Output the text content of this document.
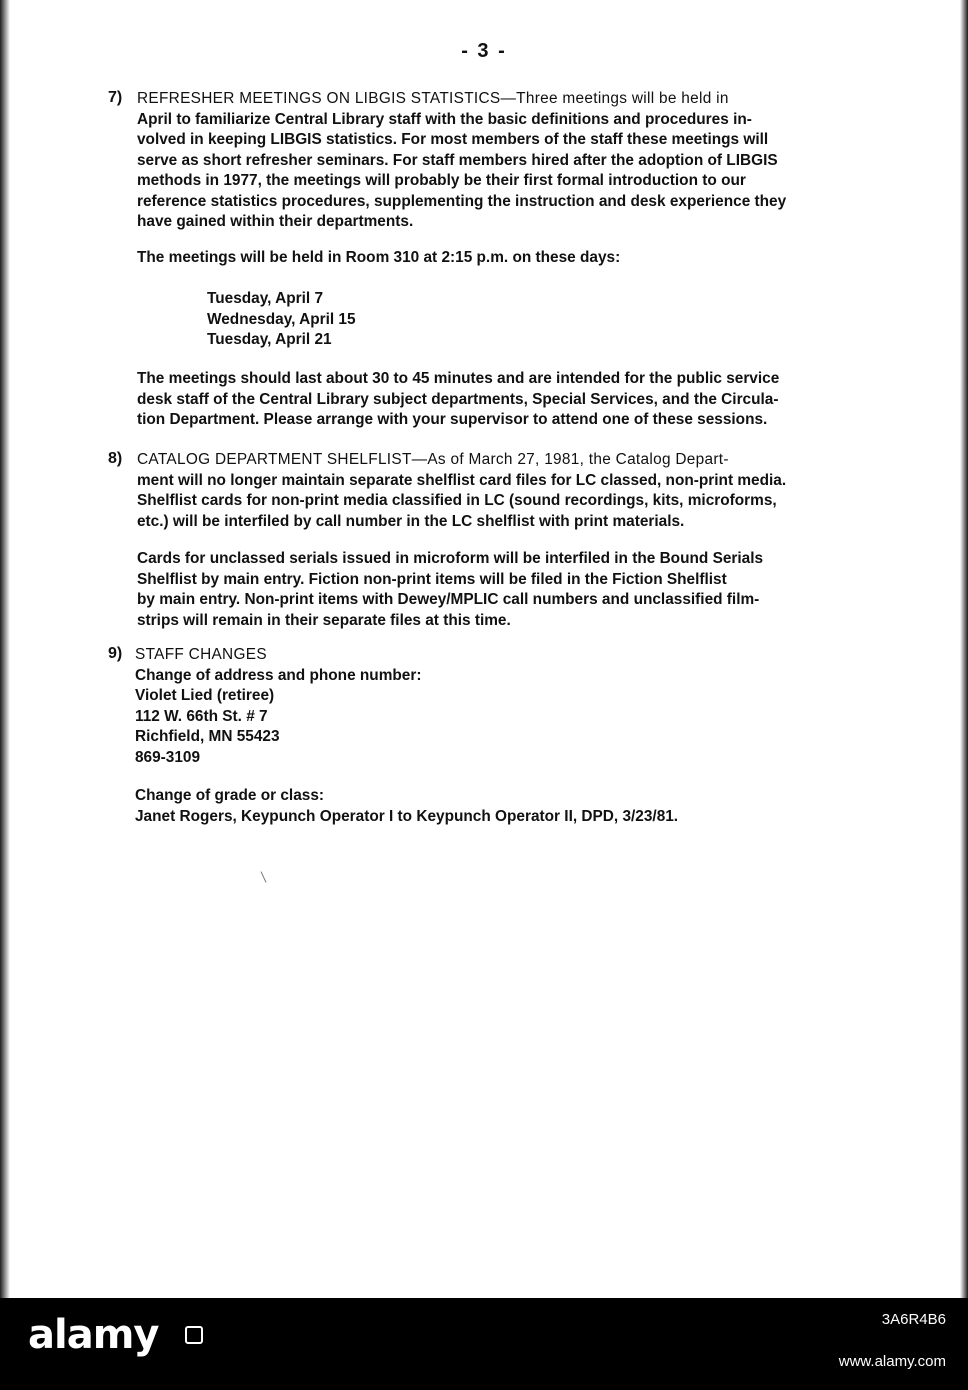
- 3 -
7) REFRESHER MEETINGS ON LIBGIS STATISTICS—Three meetings will be held in
April to familiarize Central Library staff with the basic definitions and procedures in-
volved in keeping LIBGIS statistics. For most members of the staff these meetings will
serve as short refresher seminars. For staff members hired after the adoption of LIBGIS
methods in 1977, the meetings will probably be their first formal introduction to our
reference statistics procedures, supplementing the instruction and desk experience they
have gained within their departments.
The meetings will be held in Room 310 at 2:15 p.m. on these days:
Tuesday, April 7
Wednesday, April 15
Tuesday, April 21
The meetings should last about 30 to 45 minutes and are intended for the public service
desk staff of the Central Library subject departments, Special Services, and the Circula-
tion Department. Please arrange with your supervisor to attend one of these sessions.
8) CATALOG DEPARTMENT SHELFLIST—As of March 27, 1981, the Catalog Depart-
ment will no longer maintain separate shelflist card files for LC classed, non-print media.
Shelflist cards for non-print media classified in LC (sound recordings, kits, microforms,
etc.) will be interfiled by call number in the LC shelflist with print materials.
Cards for unclassed serials issued in microform will be interfiled in the Bound Serials
Shelflist by main entry. Fiction non-print items will be filed in the Fiction Shelflist
by main entry. Non-print items with Dewey/MPLIC call numbers and unclassified film-
strips will remain in their separate files at this time.
9) STAFF CHANGES
Change of address and phone number:
Violet Lied (retiree)
112 W. 66th St. # 7
Richfield, MN 55423
869-3109
Change of grade or class:
Janet Rogers, Keypunch Operator I to Keypunch Operator II, DPD, 3/23/81.
alamy	3A6R4B6
www.alamy.com
